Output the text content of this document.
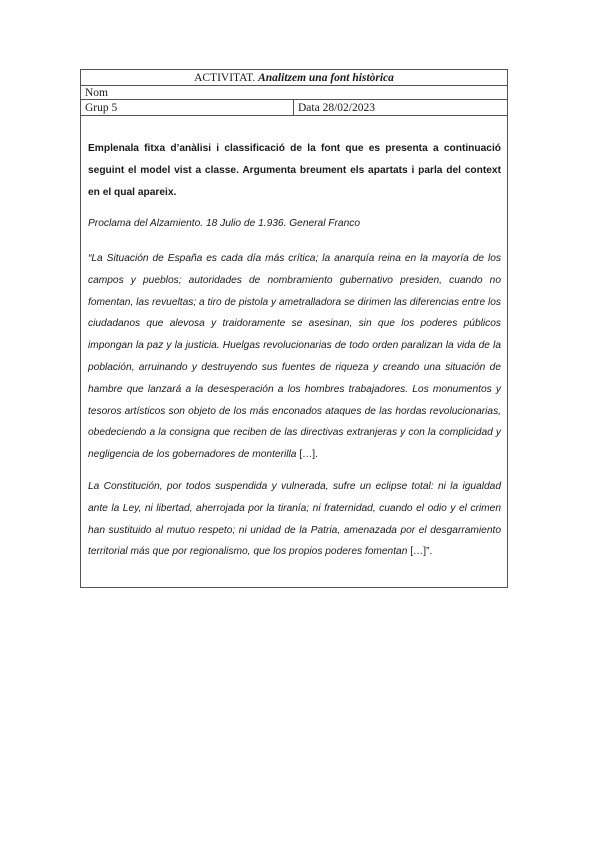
ACTIVITAT. Analitzem una font històrica
Nom
Grup 5	Data 28/02/2023

Emplenala fitxa d’anàlisi i classificació de la font que es presenta a continuació seguint el model vist a classe. Argumenta breument els apartats i parla del context en el qual apareix.

Proclama del Alzamiento. 18 Julio de 1.936. General Franco

“La Situación de España es cada día más crítica; la anarquía reina en la mayoría de los campos y pueblos; autoridades de nombramiento gubernativo presiden, cuando no fomentan, las revueltas; a tiro de pistola y ametralladora se dirimen las diferencias entre los ciudadanos que alevosa y traidoramente se asesinan, sin que los poderes públicos impongan la paz y la justicia. Huelgas revolucionarias de todo orden paralizan la vida de la población, arruinando y destruyendo sus fuentes de riqueza y creando una situación de hambre que lanzará a la desesperación a los hombres trabajadores. Los monumentos y tesoros artísticos son objeto de los más enconados ataques de las hordas revolucionarias, obedeciendo a la consigna que reciben de las directivas extranjeras y con la complicidad y negligencia de los gobernadores de monterilla […].

La Constitución, por todos suspendida y vulnerada, sufre un eclipse total: ni la igualdad ante la Ley, ni libertad, aherrojada por la tiranía; ni fraternidad, cuando el odio y el crimen han sustituido al mutuo respeto; ni unidad de la Patria, amenazada por el desgarramiento territorial más que por regionalismo, que los propios poderes fomentan […]”.
